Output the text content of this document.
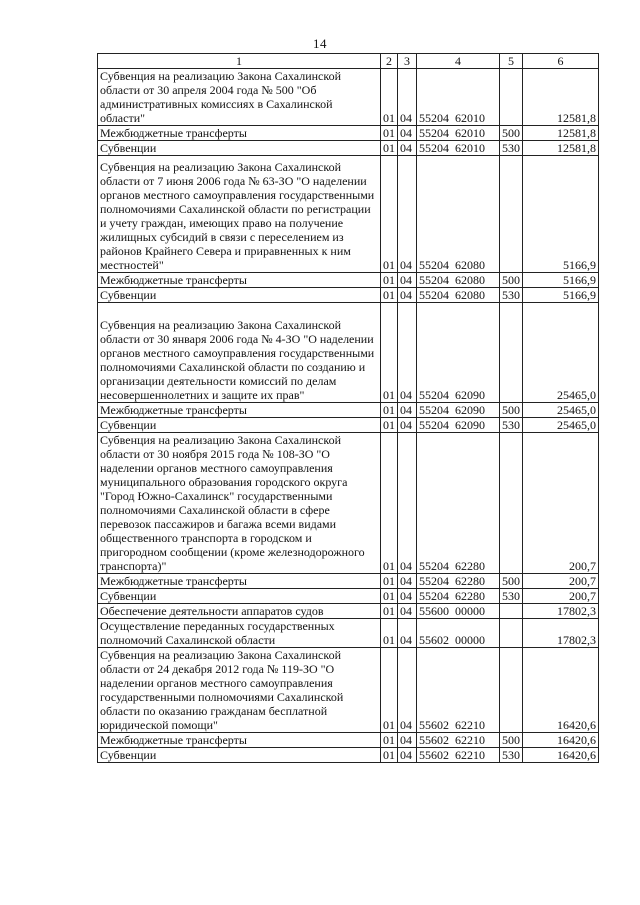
14
1	2	3	4	5	6
Субвенция на реализацию Закона Сахалинской области от 30 апреля 2004 года № 500 "Об административных комиссиях в Сахалинской области"	01	04	55204  62010		12581,8
Межбюджетные трансферты	01	04	55204  62010	500	12581,8
Субвенции	01	04	55204  62010	530	12581,8
Субвенция на реализацию Закона Сахалинской области от 7 июня 2006 года № 63-ЗО "О наделении органов местного самоуправления государственными полномочиями Сахалинской области по регистрации и учету граждан, имеющих право на получение жилищных субсидий в связи с переселением из районов Крайнего Севера и приравненных к ним местностей"	01	04	55204  62080		5166,9
Межбюджетные трансферты	01	04	55204  62080	500	5166,9
Субвенции	01	04	55204  62080	530	5166,9
Субвенция на реализацию Закона Сахалинской области от 30 января 2006 года № 4-ЗО "О наделении органов местного самоуправления государственными полномочиями Сахалинской области по созданию и организации деятельности комиссий по делам несовершеннолетних и защите их прав"	01	04	55204  62090		25465,0
Межбюджетные трансферты	01	04	55204  62090	500	25465,0
Субвенции	01	04	55204  62090	530	25465,0
Субвенция на реализацию Закона Сахалинской области от 30 ноября 2015 года № 108-ЗО "О наделении органов местного самоуправления муниципального образования городского округа "Город Южно-Сахалинск" государственными полномочиями Сахалинской области в сфере перевозок пассажиров и багажа всеми видами общественного транспорта в городском и пригородном сообщении (кроме железнодорожного транспорта)"	01	04	55204  62280		200,7
Межбюджетные трансферты	01	04	55204  62280	500	200,7
Субвенции	01	04	55204  62280	530	200,7
Обеспечение деятельности аппаратов судов	01	04	55600  00000		17802,3
Осуществление переданных государственных полномочий Сахалинской области	01	04	55602  00000		17802,3
Субвенция на реализацию Закона Сахалинской области от 24 декабря 2012 года № 119-ЗО "О наделении органов местного самоуправления государственными полномочиями Сахалинской области по оказанию гражданам бесплатной юридической помощи"	01	04	55602  62210		16420,6
Межбюджетные трансферты	01	04	55602  62210	500	16420,6
Субвенции	01	04	55602  62210	530	16420,6
